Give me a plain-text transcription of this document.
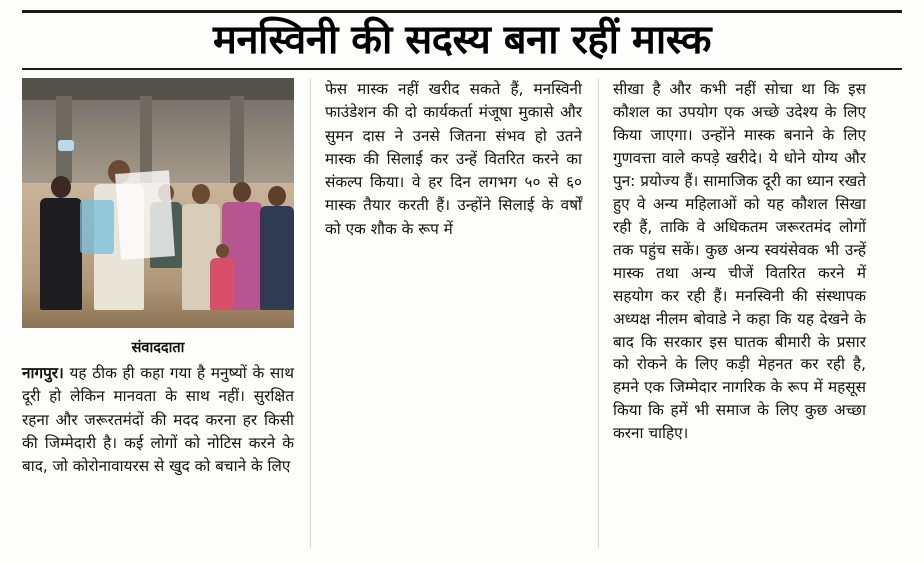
मनस्विनी की सदस्य बना रहीं मास्क
संवाददाता

नागपुर। यह ठीक ही कहा गया है मनुष्यों के साथ दूरी हो लेकिन मानवता के साथ नहीं। सुरक्षित रहना और जरूरतमंदों की मदद करना हर किसी की जिम्मेदारी है। कई लोगों को नोटिस करने के बाद, जो कोरोनावायरस से खुद को बचाने के लिए

फेस मास्क नहीं खरीद सकते हैं, मनस्विनी फाउंडेशन की दो कार्यकर्ता मंजूषा मुकासे और सुमन दास ने उनसे जितना संभव हो उतने मास्क की सिलाई कर उन्हें वितरित करने का संकल्प किया। वे हर दिन लगभग ५० से ६० मास्क तैयार करती हैं। उन्होंने सिलाई के वर्षों को एक शौक के रूप में

सीखा है और कभी नहीं सोचा था कि इस कौशल का उपयोग एक अच्छे उदेश्य के लिए किया जाएगा। उन्होंने मास्क बनाने के लिए गुणवत्ता वाले कपड़े खरीदे। ये धोने योग्य और पुन: प्रयोज्य हैं। सामाजिक दूरी का ध्यान रखते हुए वे अन्य महिलाओं को यह कौशल सिखा रही हैं, ताकि वे अधिकतम जरूरतमंद लोगों तक पहुंच सकें। कुछ अन्य स्वयंसेवक भी उन्हें मास्क तथा अन्य चीजें वितरित करने में सहयोग कर रही हैं। मनस्विनी की संस्थापक अध्यक्ष नीलम बोवाडे ने कहा कि यह देखने के बाद कि सरकार इस घातक बीमारी के प्रसार को रोकने के लिए कड़ी मेहनत कर रही है, हमने एक जिम्मेदार नागरिक के रूप में महसूस किया कि हमें भी समाज के लिए कुछ अच्छा करना चाहिए।
